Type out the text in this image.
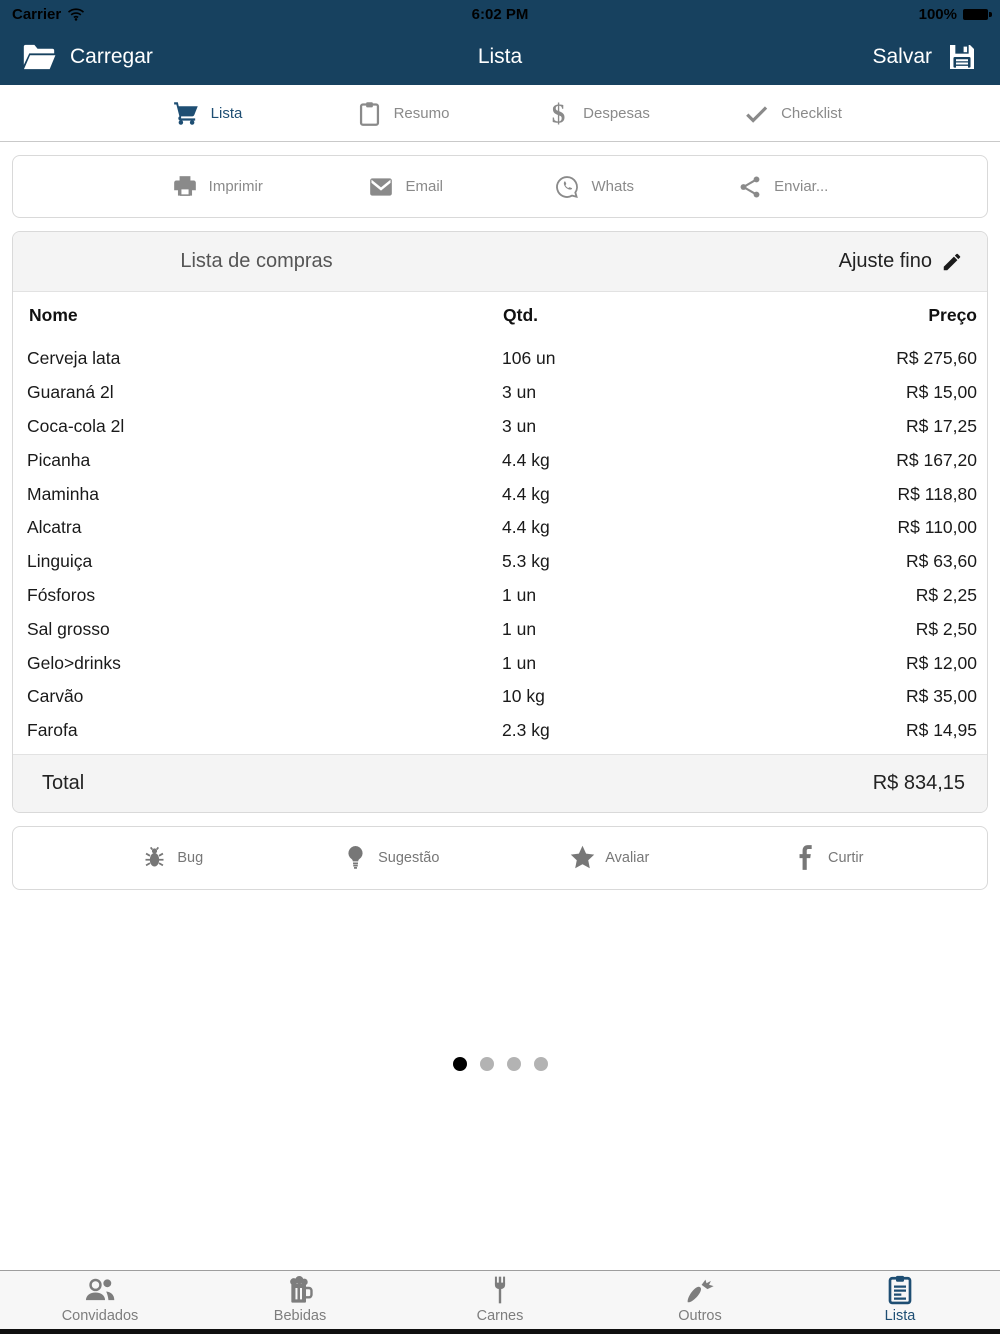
Carrier	6:02 PM	100%
Carregar	Lista	Salvar
Lista	Resumo	$ Despesas	Checklist
Imprimir	Email	Whats	Enviar...
Lista de compras	Ajuste fino
Nome	Qtd.	Preço
Cerveja lata	106 un	R$ 275,60
Guaraná 2l	3 un	R$ 15,00
Coca-cola 2l	3 un	R$ 17,25
Picanha	4.4 kg	R$ 167,20
Maminha	4.4 kg	R$ 118,80
Alcatra	4.4 kg	R$ 110,00
Linguiça	5.3 kg	R$ 63,60
Fósforos	1 un	R$ 2,25
Sal grosso	1 un	R$ 2,50
Gelo>drinks	1 un	R$ 12,00
Carvão	10 kg	R$ 35,00
Farofa	2.3 kg	R$ 14,95
Total	R$ 834,15
Bug	Sugestão	Avaliar	Curtir
Convidados	Bebidas	Carnes	Outros	Lista
